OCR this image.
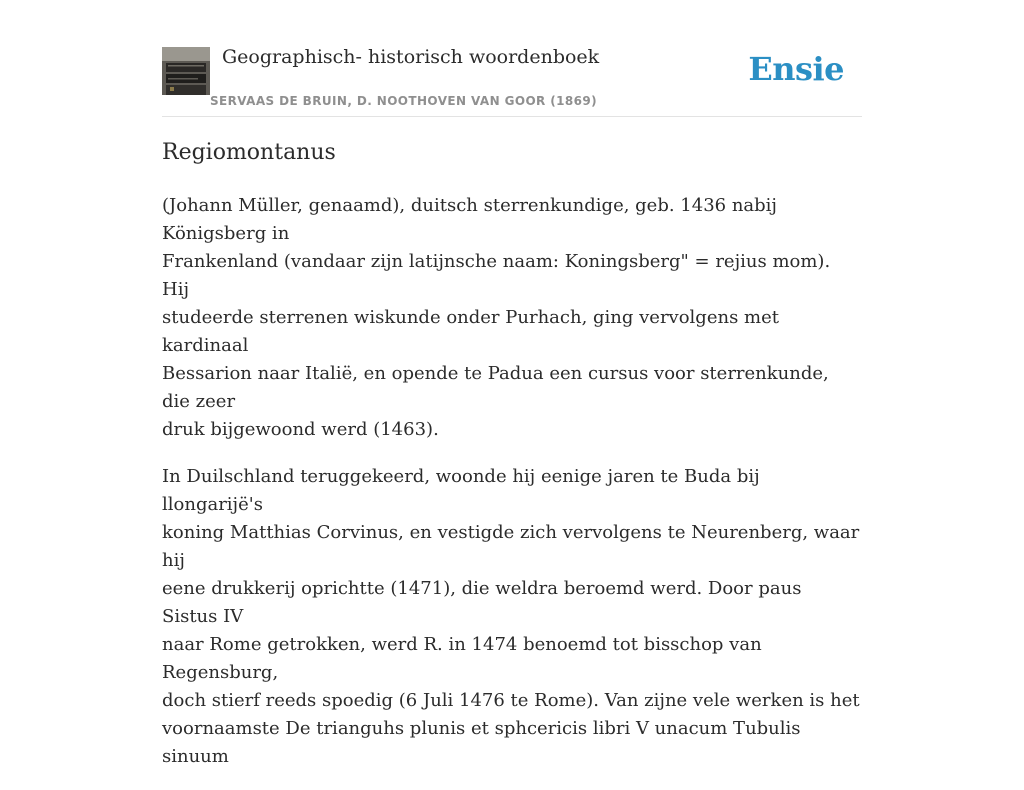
Geographisch- historisch woordenboek
SERVAAS DE BRUIN, D. NOOTHOVEN VAN GOOR (1869)
Ensie
Regiomontanus

(Johann Müller, genaamd), duitsch sterrenkundige, geb. 1436 nabij Königsberg in
Frankenland (vandaar zijn latijnsche naam: Koningsberg" = rejius mom). Hij
studeerde sterrenen wiskunde onder Purhach, ging vervolgens met kardinaal
Bessarion naar Italië, en opende te Padua een cursus voor sterrenkunde, die zeer
druk bijgewoond werd (1463).

In Duilschland teruggekeerd, woonde hij eenige jaren te Buda bij llongarijë's
koning Matthias Corvinus, en vestigde zich vervolgens te Neurenberg, waar hij
eene drukkerij oprichtte (1471), die weldra beroemd werd. Door paus Sistus IV
naar Rome getrokken, werd R. in 1474 benoemd tot bisschop van Regensburg,
doch stierf reeds spoedig (6 Juli 1476 te Rome). Van zijne vele werken is het
voornaamste De trianguhs plunis et sphcericis libri V unacum Tubulis sinuum
